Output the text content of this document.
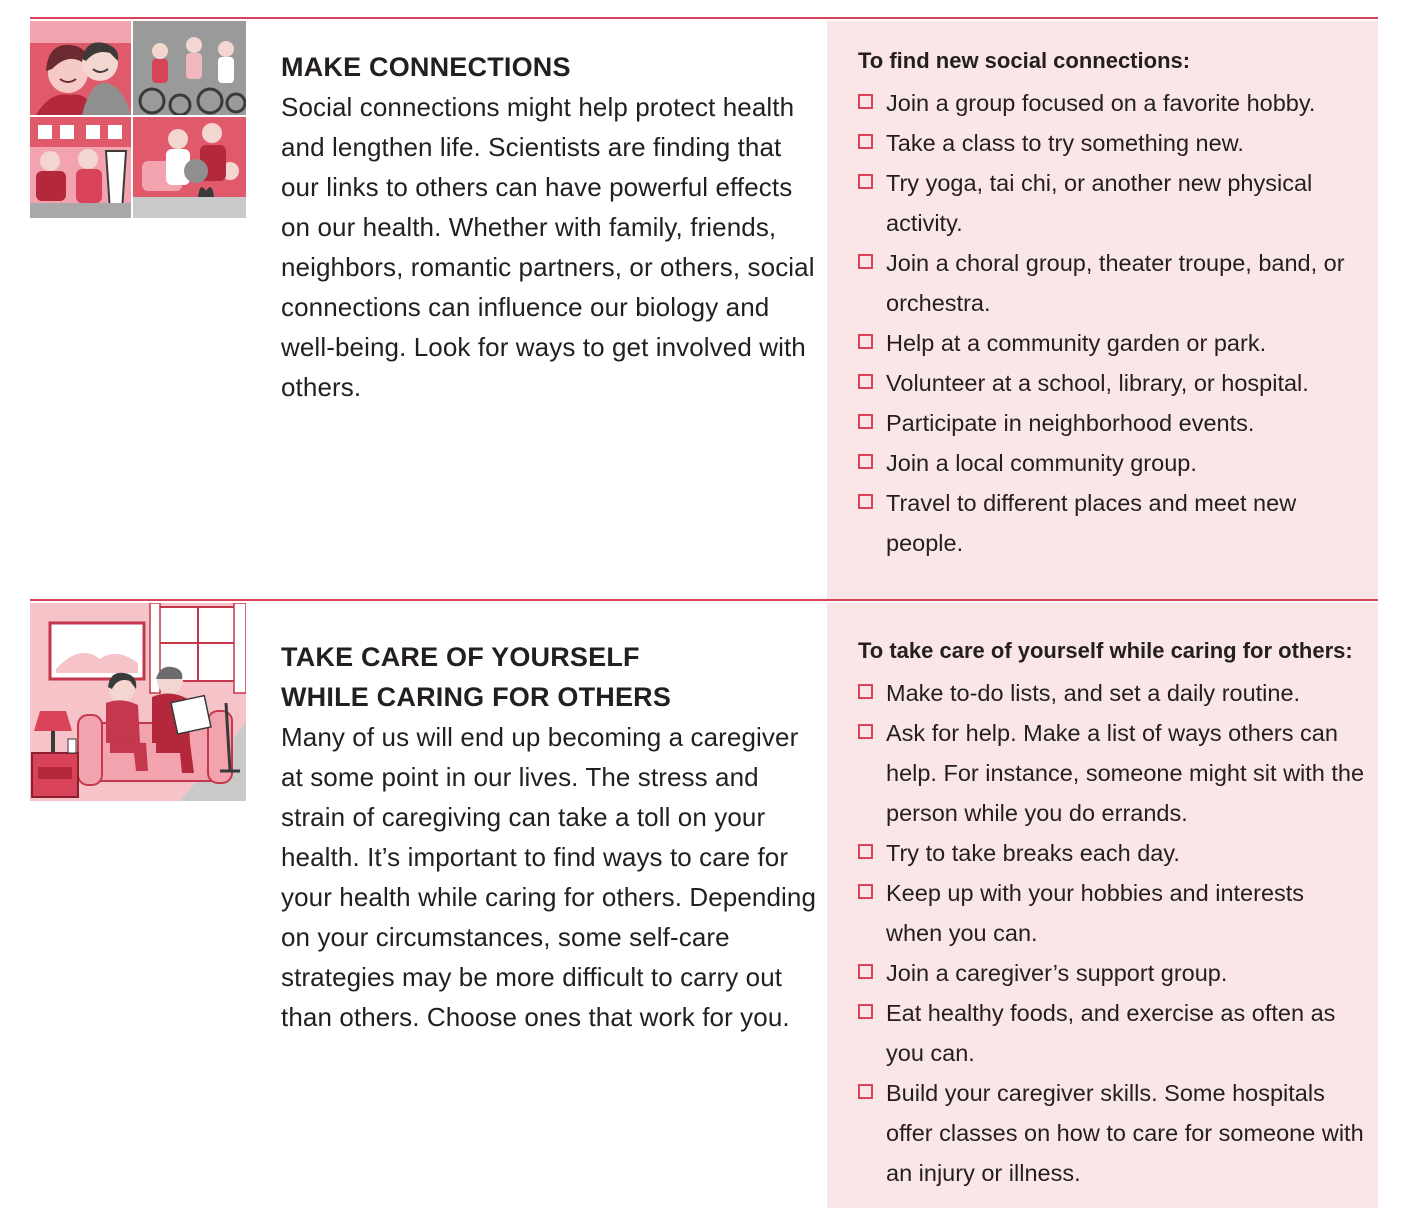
MAKE CONNECTIONS

Social connections might help protect health and lengthen life. Scientists are finding that our links to others can have powerful effects on our health. Whether with family, friends, neighbors, romantic partners, or others, social connections can influence our biology and well-being. Look for ways to get involved with others.

To find new social connections:
Join a group focused on a favorite hobby.
Take a class to try something new.
Try yoga, tai chi, or another new physical activity.
Join a choral group, theater troupe, band, or orchestra.
Help at a community garden or park.
Volunteer at a school, library, or hospital.
Participate in neighborhood events.
Join a local community group.
Travel to different places and meet new people.
TAKE CARE OF YOURSELF
WHILE CARING FOR OTHERS

Many of us will end up becoming a caregiver at some point in our lives. The stress and strain of caregiving can take a toll on your health. It’s important to find ways to care for your health while caring for others. Depending on your circumstances, some self-care strategies may be more difficult to carry out than others. Choose ones that work for you.

To take care of yourself while caring for others:
Make to-do lists, and set a daily routine.
Ask for help. Make a list of ways others can help. For instance, someone might sit with the person while you do errands.
Try to take breaks each day.
Keep up with your hobbies and interests when you can.
Join a caregiver’s support group.
Eat healthy foods, and exercise as often as you can.
Build your caregiver skills. Some hospitals offer classes on how to care for someone with an injury or illness.
